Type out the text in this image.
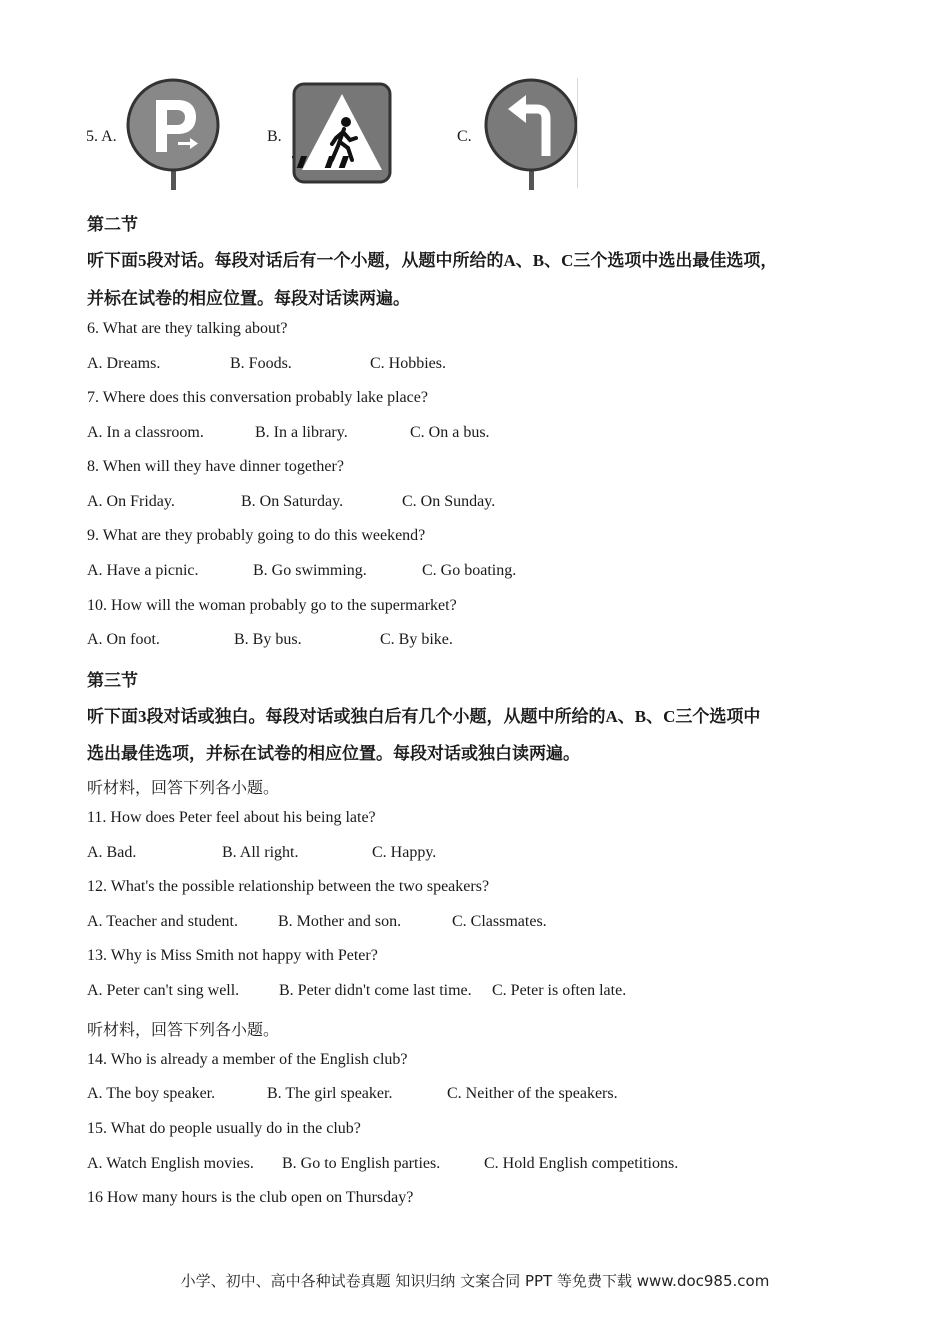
5. A.	B.	C.
第二节
听下面5段对话。每段对话后有一个小题，从题中所给的A、B、C三个选项中选出最佳选项，
并标在试卷的相应位置。每段对话读两遍。
6. What are they talking about?
A. Dreams.	B. Foods.	C. Hobbies.
7. Where does this conversation probably lake place?
A. In a classroom.	B. In a library.	C. On a bus.
8. When will they have dinner together?
A. On Friday.	B. On Saturday.	C. On Sunday.
9. What are they probably going to do this weekend?
A. Have a picnic.	B. Go swimming.	C. Go boating.
10. How will the woman probably go to the supermarket?
A. On foot.	B. By bus.	C. By bike.
第三节
听下面3段对话或独白。每段对话或独白后有几个小题，从题中所给的A、B、C三个选项中
选出最佳选项，并标在试卷的相应位置。每段对话或独白读两遍。
听材料，回答下列各小题。
11. How does Peter feel about his being late?
A. Bad.	B. All right.	C. Happy.
12. What's the possible relationship between the two speakers?
A. Teacher and student.	B. Mother and son.	C. Classmates.
13. Why is Miss Smith not happy with Peter?
A. Peter can't sing well. B. Peter didn't come last time. C. Peter is often late.
听材料，回答下列各小题。
14. Who is already a member of the English club?
A. The boy speaker.	B. The girl speaker.	C. Neither of the speakers.
15. What do people usually do in the club?
A. Watch English movies. B. Go to English parties.	C. Hold English competitions.
16 How many hours is the club open on Thursday?
小学、初中、高中各种试卷真题 知识归纳 文案合同 PPT 等免费下载 www.doc985.com
